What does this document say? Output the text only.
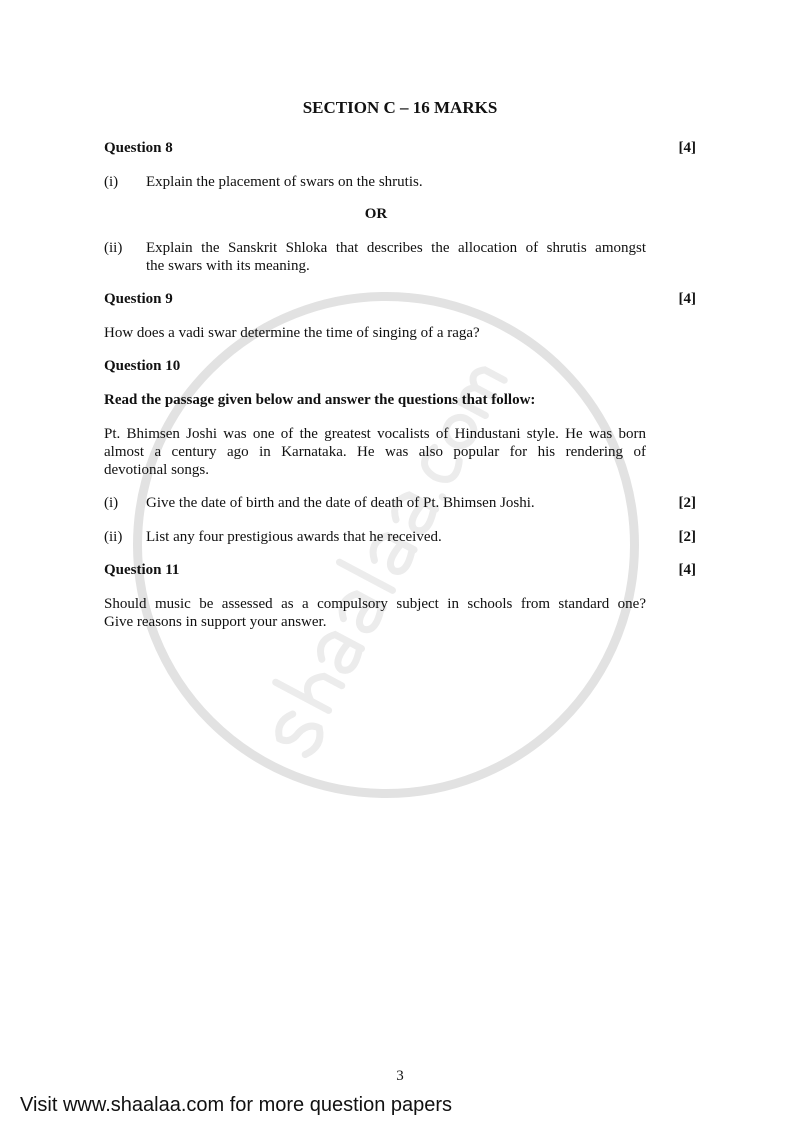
SECTION C – 16 MARKS
Question 8	[4]
(i) Explain the placement of swars on the shrutis.
OR
(ii) Explain the Sanskrit Shloka that describes the allocation of shrutis amongst
the swars with its meaning.
Question 9	[4]
How does a vadi swar determine the time of singing of a raga?
Question 10
Read the passage given below and answer the questions that follow:
Pt. Bhimsen Joshi was one of the greatest vocalists of Hindustani style. He was born
almost a century ago in Karnataka. He was also popular for his rendering of
devotional songs.
(i) Give the date of birth and the date of death of Pt. Bhimsen Joshi.	[2]
(ii) List any four prestigious awards that he received.	[2]
Question 11	[4]
Should music be assessed as a compulsory subject in schools from standard one?
Give reasons in support your answer.
3
Visit www.shaalaa.com for more question papers
